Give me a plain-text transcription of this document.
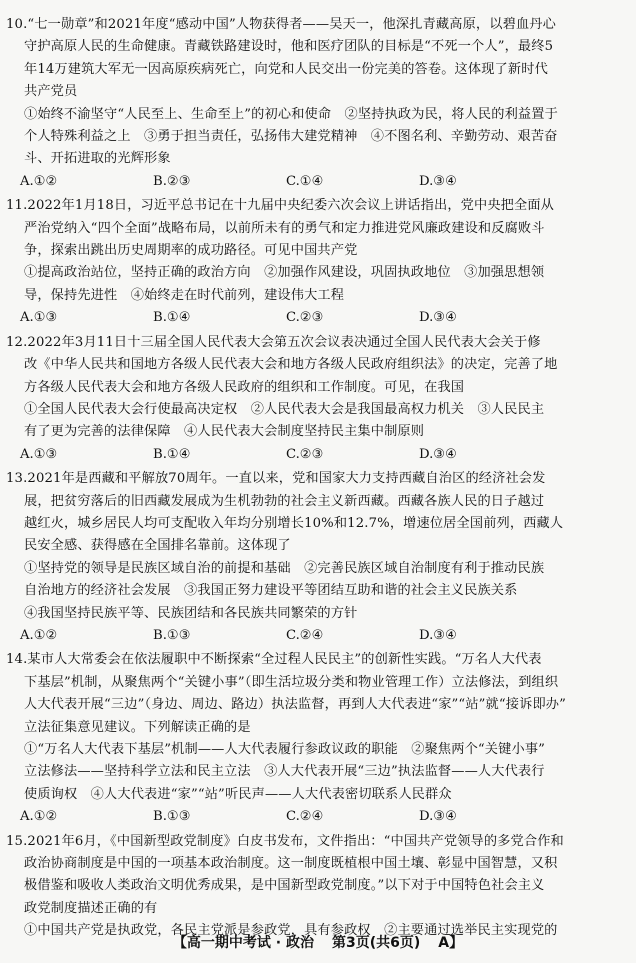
10.“七一勋章”和2021年度“感动中国”人物获得者——吴天一，他深扎青藏高原，以碧血丹心
守护高原人民的生命健康。青藏铁路建设时，他和医疗团队的目标是“不死一个人”，最终5
年14万建筑大军无一因高原疾病死亡，向党和人民交出一份完美的答卷。这体现了新时代
共产党员
①始终不渝坚守“人民至上、生命至上”的初心和使命　②坚持执政为民，将人民的利益置于
个人特殊利益之上　③勇于担当责任，弘扬伟大建党精神　④不图名利、辛勤劳动、艰苦奋
斗、开拓进取的光辉形象
A.①②	B.②③	C.①④	D.③④
11.2022年1月18日，习近平总书记在十九届中央纪委六次会议上讲话指出，党中央把全面从
严治党纳入“四个全面”战略布局，以前所未有的勇气和定力推进党风廉政建设和反腐败斗
争，探索出跳出历史周期率的成功路径。可见中国共产党
①提高政治站位，坚持正确的政治方向　②加强作风建设，巩固执政地位　③加强思想领
导，保持先进性　④始终走在时代前列，建设伟大工程
A.①③	B.①④	C.②③	D.③④
12.2022年3月11日十三届全国人民代表大会第五次会议表决通过全国人民代表大会关于修
改《中华人民共和国地方各级人民代表大会和地方各级人民政府组织法》的决定，完善了地
方各级人民代表大会和地方各级人民政府的组织和工作制度。可见，在我国
①全国人民代表大会行使最高决定权　②人民代表大会是我国最高权力机关　③人民民主
有了更为完善的法律保障　④人民代表大会制度坚持民主集中制原则
A.①③	B.①④	C.②③	D.③④
13.2021年是西藏和平解放70周年。一直以来，党和国家大力支持西藏自治区的经济社会发
展，把贫穷落后的旧西藏发展成为生机勃勃的社会主义新西藏。西藏各族人民的日子越过
越红火，城乡居民人均可支配收入年均分别增长10%和12.7%，增速位居全国前列，西藏人
民安全感、获得感在全国排名靠前。这体现了
①坚持党的领导是民族区域自治的前提和基础　②完善民族区域自治制度有利于推动民族
自治地方的经济社会发展　③我国正努力建设平等团结互助和谐的社会主义民族关系
④我国坚持民族平等、民族团结和各民族共同繁荣的方针
A.①②	B.①③	C.②④	D.③④
14.某市人大常委会在依法履职中不断探索“全过程人民民主”的创新性实践。“万名人大代表
下基层”机制，从聚焦两个“关键小事”（即生活垃圾分类和物业管理工作）立法修法，到组织
人大代表开展“三边”（身边、周边、路边）执法监督，再到人大代表进“家”“站”就“接诉即办”
立法征集意见建议。下列解读正确的是
①“万名人大代表下基层”机制——人大代表履行参政议政的职能　②聚焦两个“关键小事”
立法修法——坚持科学立法和民主立法　③人大代表开展“三边”执法监督——人大代表行
使质询权　④人大代表进“家”“站”听民声——人大代表密切联系人民群众
A.①②	B.①③	C.②④	D.③④
15.2021年6月，《中国新型政党制度》白皮书发布，文件指出：“中国共产党领导的多党合作和
政治协商制度是中国的一项基本政治制度。这一制度既植根中国土壤、彰显中国智慧，又积
极借鉴和吸收人类政治文明优秀成果，是中国新型政党制度。”以下对于中国特色社会主义
政党制度描述正确的有
①中国共产党是执政党，各民主党派是参政党，具有参政权　②主要通过选举民主实现党的
【高一期中考试 · 政治 第3页(共6页) A】
